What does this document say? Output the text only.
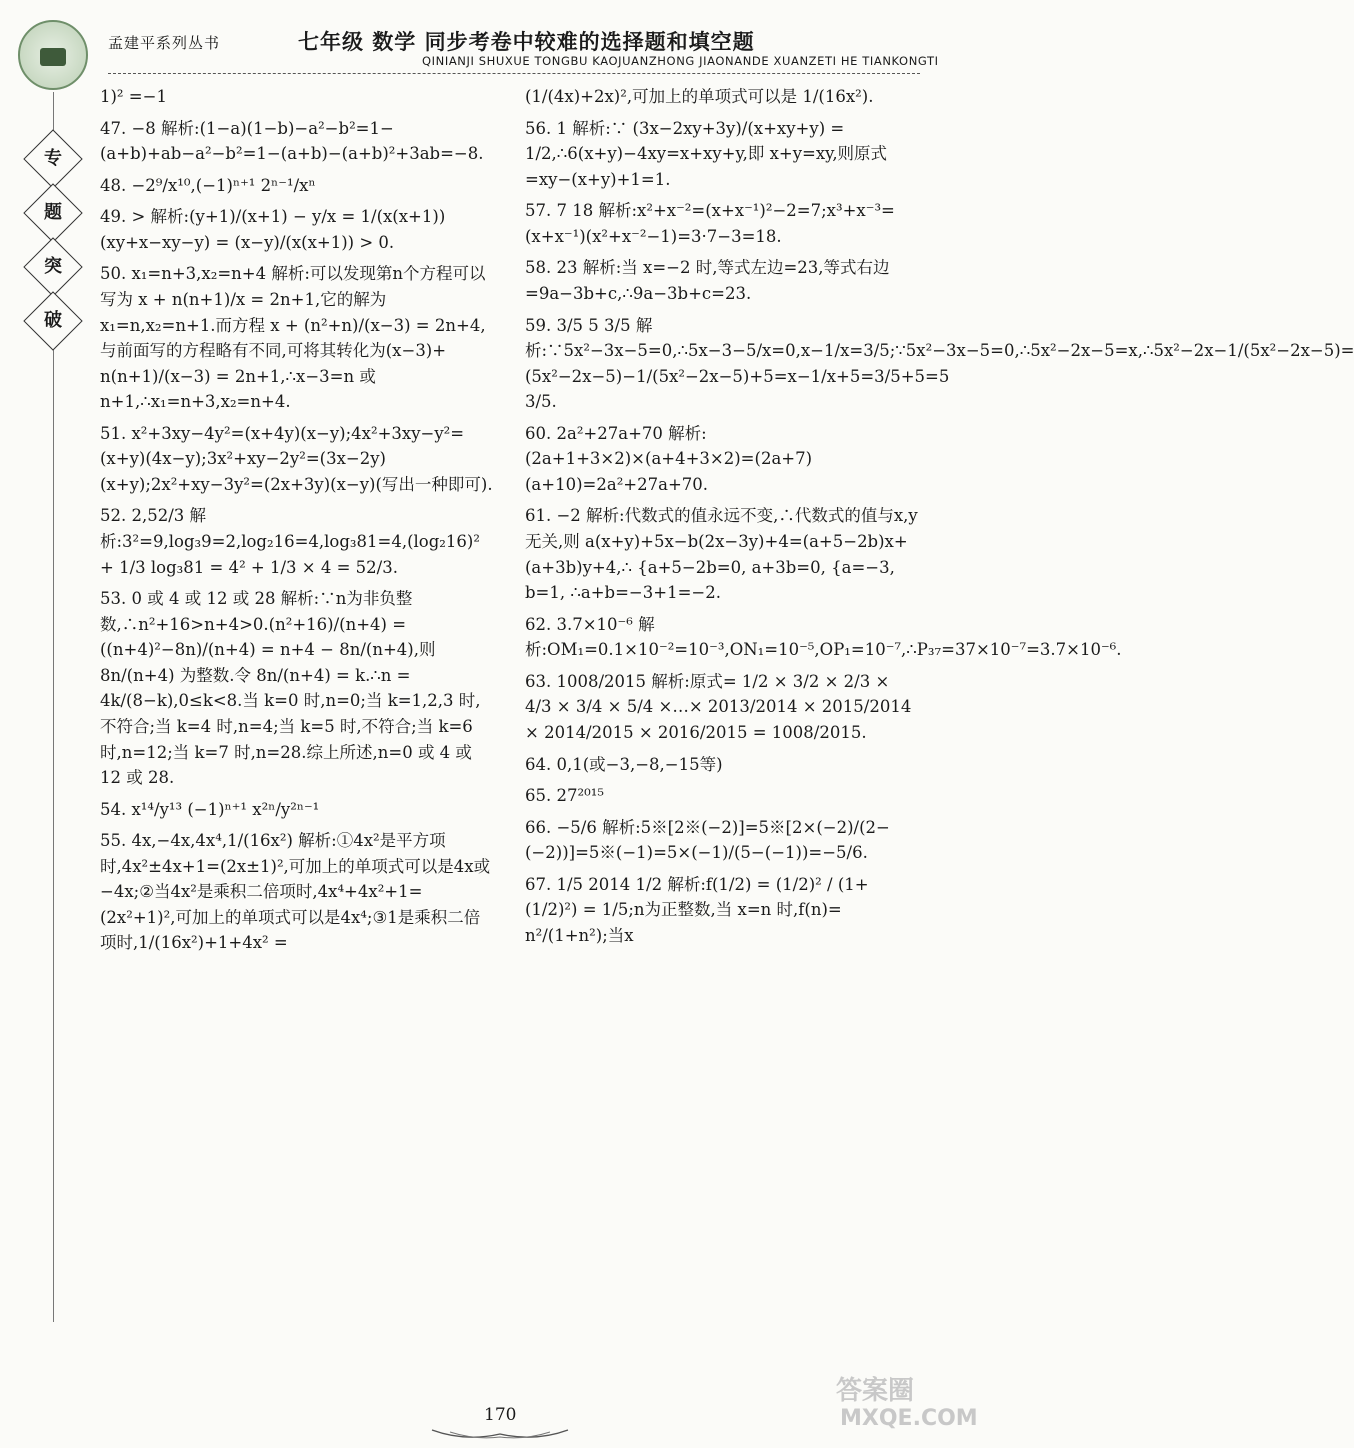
孟建平系列丛书	七年级 数学 同步考卷中较难的选择题和填空题
QINIANJI SHUXUE TONGBU KAOJUANZHONG JIAONANDE XUANZETI HE TIANKONGTI
专
题
突
破

1)² =−1

47. −8 解析:(1−a)(1−b)−a²−b²=1−(a+b)+ab−a²−b²=1−(a+b)−(a+b)²+3ab=−8.

48. −2⁹/x¹⁰,(−1)ⁿ⁺¹ 2ⁿ⁻¹/xⁿ

49. > 解析:(y+1)/(x+1) − y/x = 1/(x(x+1)) (xy+x−xy−y) = (x−y)/(x(x+1)) > 0.

50. x₁=n+3,x₂=n+4 解析:可以发现第n个方程可以写为 x + n(n+1)/x = 2n+1,它的解为 x₁=n,x₂=n+1.而方程 x + (n²+n)/(x−3) = 2n+4,与前面写的方程略有不同,可将其转化为(x−3)+ n(n+1)/(x−3) = 2n+1,∴x−3=n 或 n+1,∴x₁=n+3,x₂=n+4.

51. x²+3xy−4y²=(x+4y)(x−y);4x²+3xy−y²=(x+y)(4x−y);3x²+xy−2y²=(3x−2y)(x+y);2x²+xy−3y²=(2x+3y)(x−y)(写出一种即可).

52. 2,52/3 解析:3²=9,log₃9=2,log₂16=4,log₃81=4,(log₂16)² + 1/3 log₃81 = 4² + 1/3 × 4 = 52/3.

53. 0 或 4 或 12 或 28 解析:∵n为非负整数,∴n²+16>n+4>0.(n²+16)/(n+4) = ((n+4)²−8n)/(n+4) = n+4 − 8n/(n+4),则 8n/(n+4) 为整数.令 8n/(n+4) = k.∴n = 4k/(8−k),0≤k<8.当 k=0 时,n=0;当 k=1,2,3 时,不符合;当 k=4 时,n=4;当 k=5 时,不符合;当 k=6 时,n=12;当 k=7 时,n=28.综上所述,n=0 或 4 或 12 或 28.

54. x¹⁴/y¹³ (−1)ⁿ⁺¹ x²ⁿ/y²ⁿ⁻¹

55. 4x,−4x,4x⁴,1/(16x²) 解析:①4x²是平方项时,4x²±4x+1=(2x±1)²,可加上的单项式可以是4x或−4x;②当4x²是乘积二倍项时,4x⁴+4x²+1=(2x²+1)²,可加上的单项式可以是4x⁴;③1是乘积二倍项时,1/(16x²)+1+4x² =

(1/(4x)+2x)²,可加上的单项式可以是 1/(16x²).

56. 1 解析:∵ (3x−2xy+3y)/(x+xy+y) = 1/2,∴6(x+y)−4xy=x+xy+y,即 x+y=xy,则原式=xy−(x+y)+1=1.

57. 7 18 解析:x²+x⁻²=(x+x⁻¹)²−2=7;x³+x⁻³=(x+x⁻¹)(x²+x⁻²−1)=3·7−3=18.

58. 23 解析:当 x=−2 时,等式左边=23,等式右边=9a−3b+c,∴9a−3b+c=23.

59. 3/5 5 3/5 解析:∵5x²−3x−5=0,∴5x−3−5/x=0,x−1/x=3/5;∵5x²−3x−5=0,∴5x²−2x−5=x,∴5x²−2x−1/(5x²−2x−5)=(5x²−2x−5)−1/(5x²−2x−5)+5=x−1/x+5=3/5+5=5 3/5.

60. 2a²+27a+70 解析:(2a+1+3×2)×(a+4+3×2)=(2a+7)(a+10)=2a²+27a+70.

61. −2 解析:代数式的值永远不变,∴代数式的值与x,y无关,则 a(x+y)+5x−b(2x−3y)+4=(a+5−2b)x+(a+3b)y+4,∴ {a+5−2b=0, a+3b=0, {a=−3, b=1, ∴a+b=−3+1=−2.

62. 3.7×10⁻⁶ 解析:OM₁=0.1×10⁻²=10⁻³,ON₁=10⁻⁵,OP₁=10⁻⁷,∴P₃₇=37×10⁻⁷=3.7×10⁻⁶.

63. 1008/2015 解析:原式= 1/2 × 3/2 × 2/3 × 4/3 × 3/4 × 5/4 ×…× 2013/2014 × 2015/2014 × 2014/2015 × 2016/2015 = 1008/2015.

64. 0,1(或−3,−8,−15等)

65. 27²⁰¹⁵

66. −5/6 解析:5※[2※(−2)]=5※[2×(−2)/(2−(−2))]=5※(−1)=5×(−1)/(5−(−1))=−5/6.

67. 1/5 2014 1/2 解析:f(1/2) = (1/2)² / (1+(1/2)²) = 1/5;n为正整数,当 x=n 时,f(n)= n²/(1+n²);当x

170
答案圈
MXQE.COM
